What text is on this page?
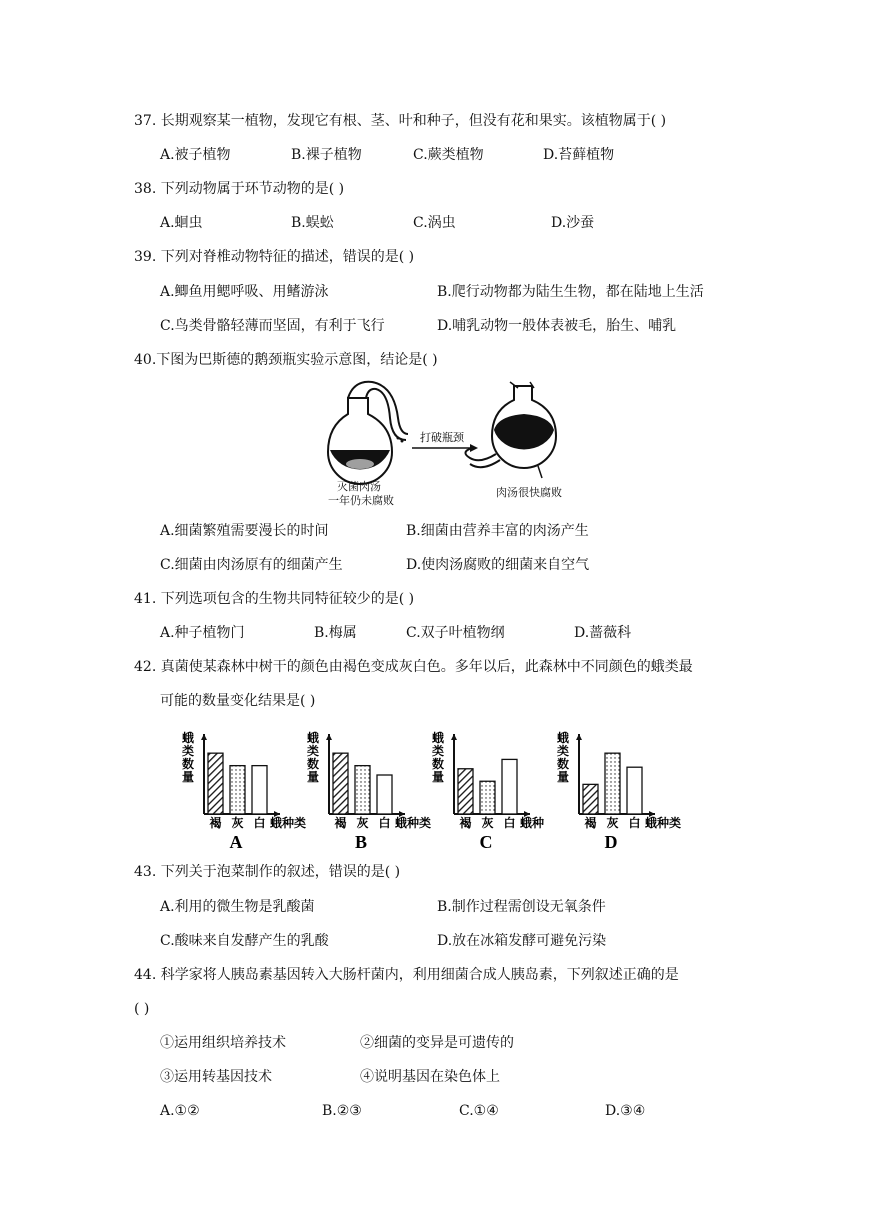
37. 长期观察某一植物，发现它有根、茎、叶和种子，但没有花和果实。该植物属于( )
A.被子植物	B.裸子植物	C.蕨类植物	D.苔藓植物
38. 下列动物属于环节动物的是( )
A.蛔虫	B.蜈蚣	C.涡虫	D.沙蚕
39. 下列对脊椎动物特征的描述，错误的是( )
A.鲫鱼用鳃呼吸、用鳍游泳	B.爬行动物都为陆生生物，都在陆地上生活
C.鸟类骨骼轻薄而坚固，有利于飞行	D.哺乳动物一般体表被毛，胎生、哺乳
40.下图为巴斯德的鹅颈瓶实验示意图，结论是( )
打破瓶颈
灭菌肉汤
一年仍未腐败
肉汤很快腐败
A.细菌繁殖需要漫长的时间	B.细菌由营养丰富的肉汤产生
C.细菌由肉汤原有的细菌产生	D.使肉汤腐败的细菌来自空气
41. 下列选项包含的生物共同特征较少的是( )
A.种子植物门	B.梅属	C.双子叶植物纲	D.蔷薇科
42. 真菌使某森林中树干的颜色由褐色变成灰白色。多年以后，此森林中不同颜色的蛾类最
可能的数量变化结果是( )
蛾类数量
褐 灰 白 蛾种类
A
蛾类数量
褐 灰 白 蛾种类
B
蛾类数量
褐 灰 白 蛾种
C
蛾类数量
褐 灰 白 蛾种类
D
43. 下列关于泡菜制作的叙述，错误的是( )
A.利用的微生物是乳酸菌	B.制作过程需创设无氧条件
C.酸味来自发酵产生的乳酸	D.放在冰箱发酵可避免污染
44. 科学家将人胰岛素基因转入大肠杆菌内，利用细菌合成人胰岛素，下列叙述正确的是
( )
①运用组织培养技术	②细菌的变异是可遗传的
③运用转基因技术	④说明基因在染色体上
A.①②	B.②③	C.①④	D.③④
